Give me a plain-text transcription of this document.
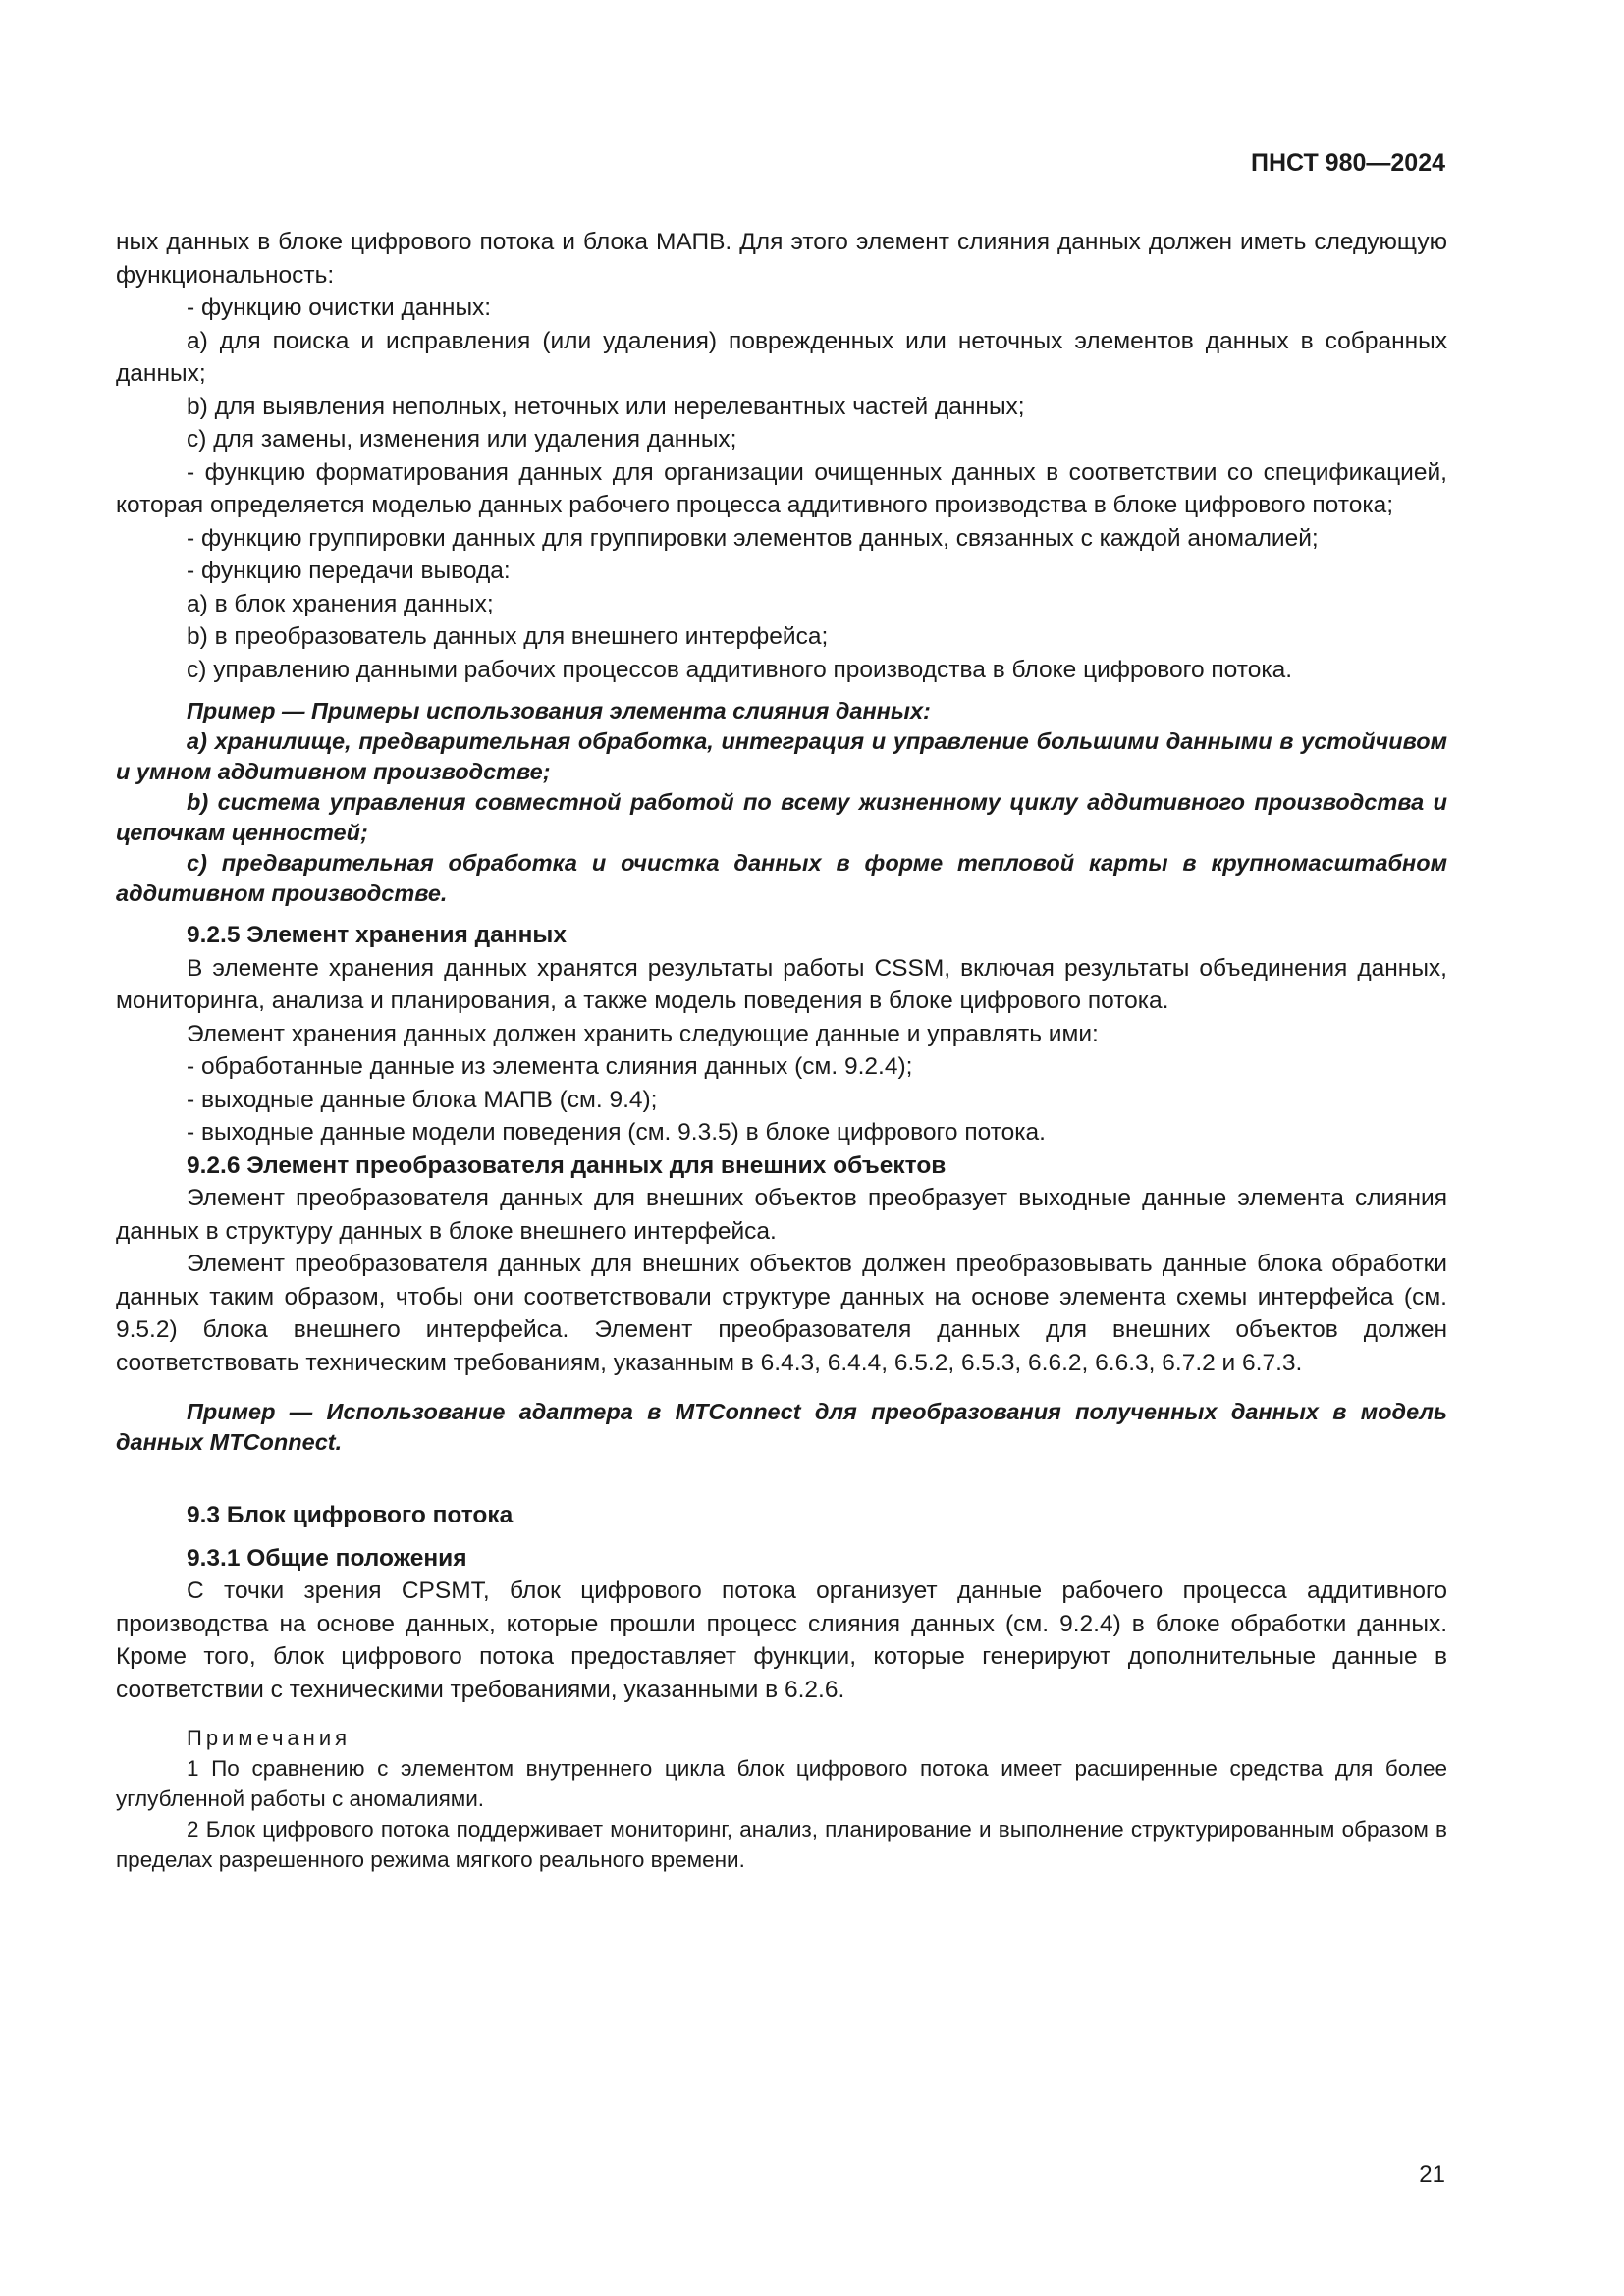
ПНСТ 980—2024

ных данных в блоке цифрового потока и блока МАПВ. Для этого элемент слияния данных должен иметь следующую функциональность:

- функцию очистки данных:

а) для поиска и исправления (или удаления) поврежденных или неточных элементов данных в собранных данных;

b) для выявления неполных, неточных или нерелевантных частей данных;

с) для замены, изменения или удаления данных;

- функцию форматирования данных для организации очищенных данных в соответствии со спецификацией, которая определяется моделью данных рабочего процесса аддитивного производства в блоке цифрового потока;

- функцию группировки данных для группировки элементов данных, связанных с каждой аномалией;

- функцию передачи вывода:

а) в блок хранения данных;

b) в преобразователь данных для внешнего интерфейса;

с) управлению данными рабочих процессов аддитивного производства в блоке цифрового потока.

Пример — Примеры использования элемента слияния данных:

а) хранилище, предварительная обработка, интеграция и управление большими данными в устойчивом и умном аддитивном производстве;

b) система управления совместной работой по всему жизненному циклу аддитивного производства и цепочкам ценностей;

с) предварительная обработка и очистка данных в форме тепловой карты в крупномасштабном аддитивном производстве.

9.2.5 Элемент хранения данных

В элементе хранения данных хранятся результаты работы CSSM, включая результаты объединения данных, мониторинга, анализа и планирования, а также модель поведения в блоке цифрового потока.

Элемент хранения данных должен хранить следующие данные и управлять ими:

- обработанные данные из элемента слияния данных (см. 9.2.4);

- выходные данные блока МАПВ (см. 9.4);

- выходные данные модели поведения (см. 9.3.5) в блоке цифрового потока.

9.2.6 Элемент преобразователя данных для внешних объектов

Элемент преобразователя данных для внешних объектов преобразует выходные данные элемента слияния данных в структуру данных в блоке внешнего интерфейса.

Элемент преобразователя данных для внешних объектов должен преобразовывать данные блока обработки данных таким образом, чтобы они соответствовали структуре данных на основе элемента схемы интерфейса (см. 9.5.2) блока внешнего интерфейса. Элемент преобразователя данных для внешних объектов должен соответствовать техническим требованиям, указанным в 6.4.3, 6.4.4, 6.5.2, 6.5.3, 6.6.2, 6.6.3, 6.7.2 и 6.7.3.

Пример — Использование адаптера в MTConnect для преобразования полученных данных в модель данных MTConnect.

9.3 Блок цифрового потока

9.3.1 Общие положения

С точки зрения CPSMT, блок цифрового потока организует данные рабочего процесса аддитивного производства на основе данных, которые прошли процесс слияния данных (см. 9.2.4) в блоке обработки данных. Кроме того, блок цифрового потока предоставляет функции, которые генерируют дополнительные данные в соответствии с техническими требованиями, указанными в 6.2.6.

Примечания

1 По сравнению с элементом внутреннего цикла блок цифрового потока имеет расширенные средства для более углубленной работы с аномалиями.

2 Блок цифрового потока поддерживает мониторинг, анализ, планирование и выполнение структурированным образом в пределах разрешенного режима мягкого реального времени.

21
